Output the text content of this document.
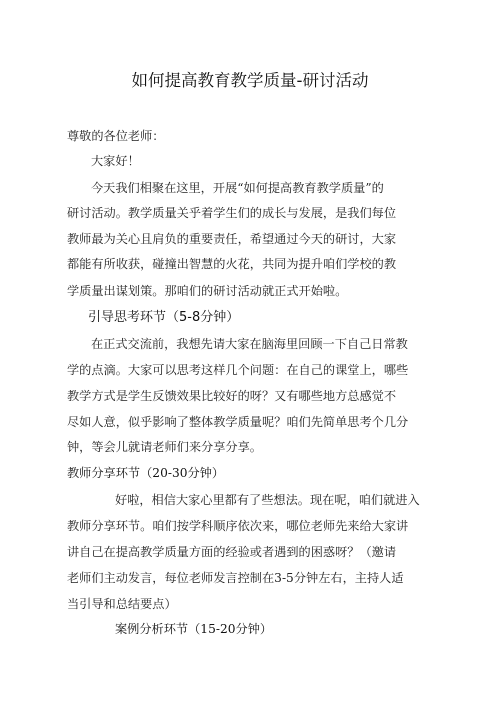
如何提高教育教学质量-研讨活动
尊敬的各位老师：
大家好！
今天我们相聚在这里，开展“如何提高教育教学质量”的
研讨活动。教学质量关乎着学生们的成长与发展，是我们每位
教师最为关心且肩负的重要责任，希望通过今天的研讨，大家
都能有所收获，碰撞出智慧的火花，共同为提升咱们学校的教
学质量出谋划策。那咱们的研讨活动就正式开始啦。
引导思考环节（5-8分钟）
在正式交流前，我想先请大家在脑海里回顾一下自己日常教
学的点滴。大家可以思考这样几个问题：在自己的课堂上，哪些
教学方式是学生反馈效果比较好的呀？又有哪些地方总感觉不
尽如人意，似乎影响了整体教学质量呢？咱们先简单思考个几分
钟，等会儿就请老师们来分享分享。
教师分享环节（20-30分钟）
好啦，相信大家心里都有了些想法。现在呢，咱们就进入
教师分享环节。咱们按学科顺序依次来，哪位老师先来给大家讲
讲自己在提高教学质量方面的经验或者遇到的困惑呀？（邀请
老师们主动发言，每位老师发言控制在3-5分钟左右，主持人适
当引导和总结要点）
案例分析环节（15-20分钟）
